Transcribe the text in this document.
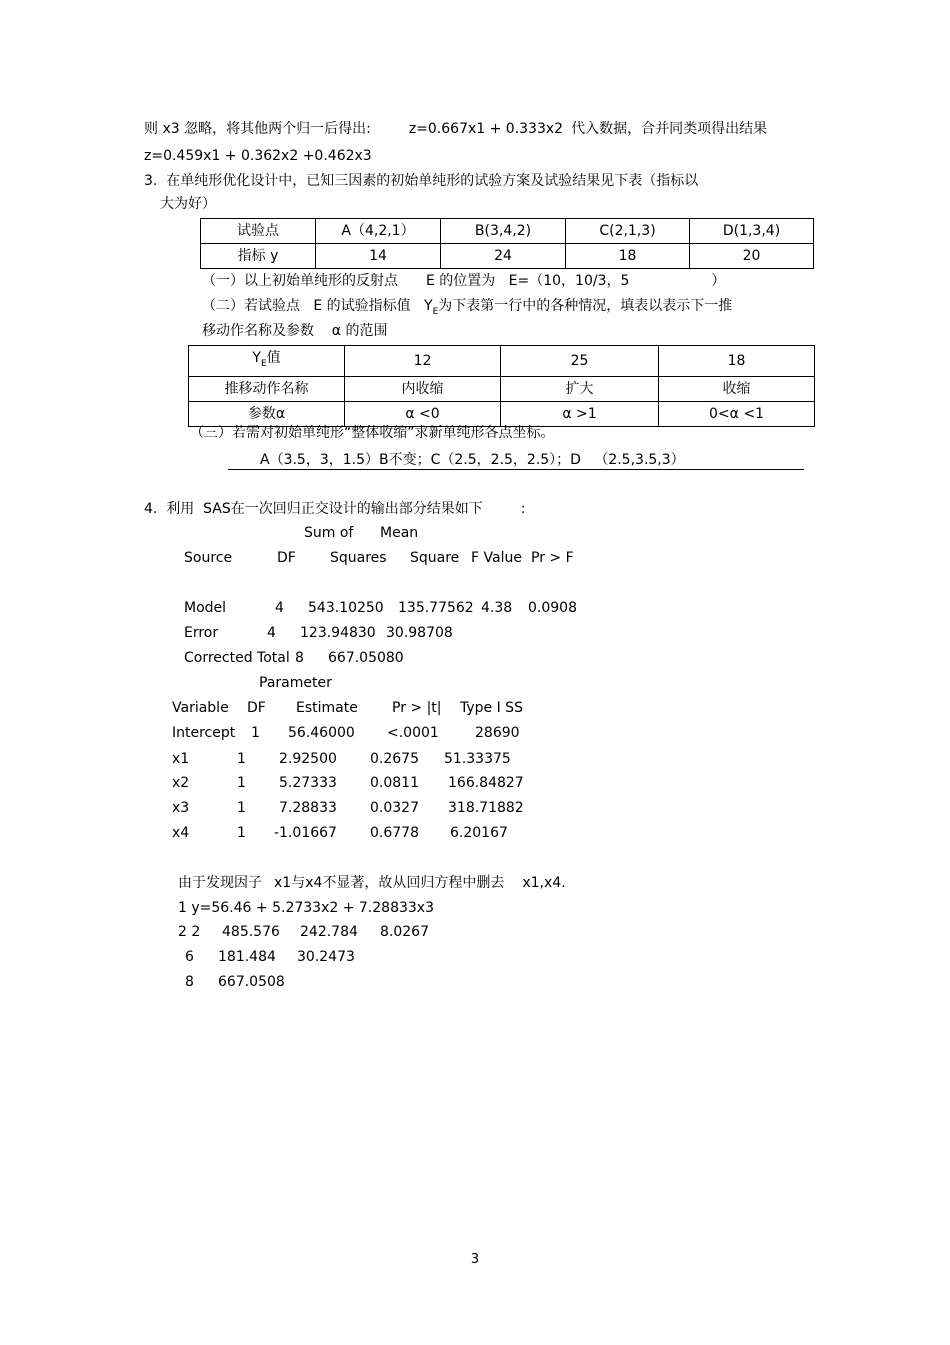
则 x3 忽略，将其他两个归一后得出:	z=0.667x1 + 0.333x2 代入数据，合并同类项得出结果
z=0.459x1 + 0.362x2 +0.462x3
3.  在单纯形优化设计中，已知三因素的初始单纯形的试验方案及试验结果见下表（指标以
大为好）
试验点	A（4,2,1）	B(3,4,2)	C(2,1,3)	D(1,3,4)
指标 y	14	24	18	20
（一）以上初始单纯形的反射点 E 的位置为   E=（10，10/3，5	）
（二）若试验点   E 的试验指标值   $Y_E$为下表第一行中的各种情况，填表以表示下一推
移动作名称及参数    α 的范围
$Y_E$值	12	25	18
推移动作名称	内收缩	扩大	收缩
参数α	α <0	α >1	0<α <1
（三）若需对初始单纯形“整体收缩”求新单纯形各点坐标。
A（3.5，3，1.5）B不变；C（2.5，2.5，2.5）；D   （2.5,3.5,3）
4.  利用  SAS在一次回归正交设计的输出部分结果如下	:
Sum of Mean
Source	DF Squares Square F Value Pr > F
Model	4 543.10250 135.77562 4.38 0.0908
Error	4 123.94830 30.98708
Corrected Total 8 667.05080
Parameter
Variable DF Estimate Pr > |t| Type I SS
Intercept 1 56.46000 <.0001	28690
x1	1 2.92500 0.2675 51.33375
x2	1 5.27333 0.0811 166.84827
x3	1 7.28833 0.0327 318.71882
x4	1 -1.01667 0.6778 6.20167
由于发现因子 x1与x4不显著，故从回归方程中删去 x1,x4.
1 y=56.46 + 5.2733x2 + 7.28833x3
2 2 485.576 242.784 8.0267
6 181.484 30.2473
8 667.0508
3
